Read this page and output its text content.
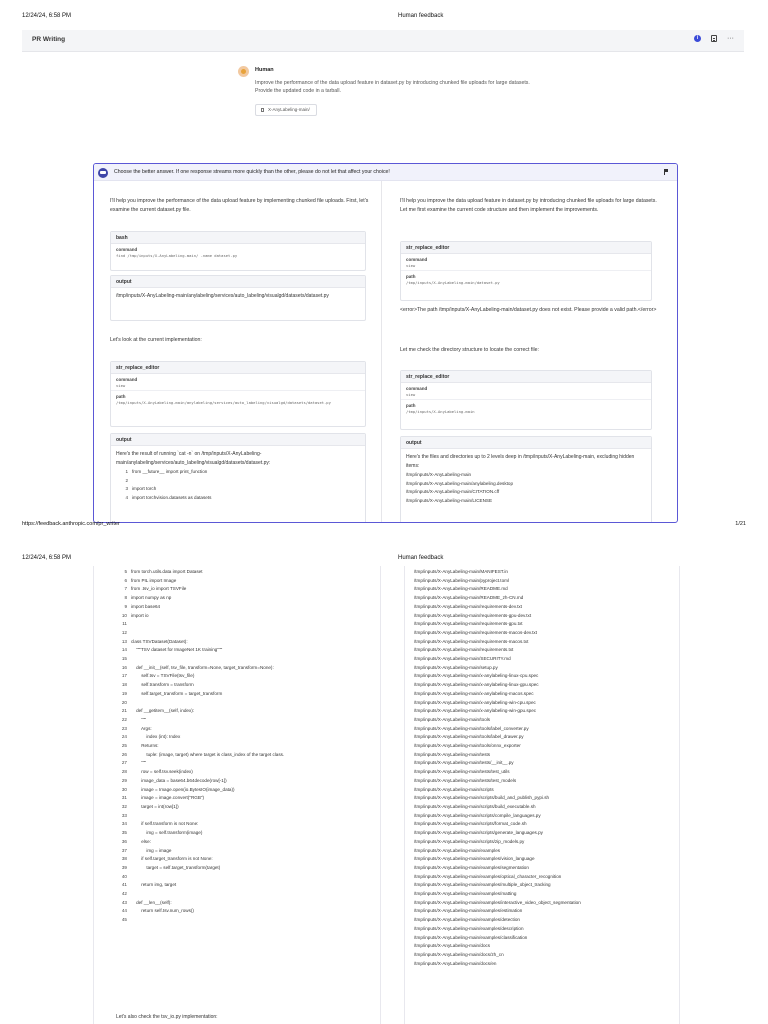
12/24/24, 6:58 PM	Human feedback
PR Writing	i	···
Human
Improve the performance of the data upload feature in dataset.py by introducing chunked file uploads for large datasets. Provide the updated code in a tarball.
X-AnyLabeling-main/
Choose the better answer. If one response streams more quickly than the other, please do not let that affect your choice!
I'll help you improve the performance of the data upload feature by implementing chunked file uploads. First, let's examine the current dataset.py file.
bash
command
find /tmp/inputs/X-AnyLabeling-main/ -name dataset.py
output
/tmp/inputs/X-AnyLabeling-main/anylabeling/services/auto_labeling/visualgd/datasets/dataset.py
Let's look at the current implementation:
str_replace_editor
command
view
path
/tmp/inputs/X-AnyLabeling-main/anylabeling/services/auto_labeling/visualgd/datasets/dataset.py
output
Here's the result of running `cat -n` on /tmp/inputs/X-AnyLabeling-main/anylabeling/services/auto_labeling/visualgd/datasets/dataset.py:
1 from __future__ import print_function
2
3 import torch
4 import torchvision.datasets as datasets
I'll help you improve the data upload feature in dataset.py by introducing chunked file uploads for large datasets. Let me first examine the current code structure and then implement the improvements.
str_replace_editor
command
view
path
/tmp/inputs/X-AnyLabeling-main/dataset.py
<error>The path /tmp/inputs/X-AnyLabeling-main/dataset.py does not exist. Please provide a valid path.</error>
Let me check the directory structure to locate the correct file:
str_replace_editor
command
view
path
/tmp/inputs/X-AnyLabeling-main
output
Here's the files and directories up to 2 levels deep in /tmp/inputs/X-AnyLabeling-main, excluding hidden items:
/tmp/inputs/X-AnyLabeling-main
/tmp/inputs/X-AnyLabeling-main/anylabeling.desktop
/tmp/inputs/X-AnyLabeling-main/CITATION.cff
/tmp/inputs/X-AnyLabeling-main/LICENSE
https://feedback.anthropic.com/pr_writer	1/21
12/24/24, 6:58 PM	Human feedback
5 from torch.utils.data import Dataset
6 from PIL import Image
7 from .tsv_io import TSVFile
8 import numpy as np
9 import base64
10 import io
11
12
13 class TSVDataset(Dataset):
14    """TSV dataset for ImageNet 1K training"""
15
16    def __init__(self, tsv_file, transform=None, target_transform=None):
17        self.tsv = TSVFile(tsv_file)
18        self.transform = transform
19        self.target_transform = target_transform
20
21    def __getitem__(self, index):
22        """
23        Args:
24            index (int): Index
25        Returns:
26            tuple: (image, target) where target is class_index of the target class.
27        """
28        row = self.tsv.seek(index)
29        image_data = base64.b64decode(row[-1])
30        image = Image.open(io.BytesIO(image_data))
31        image = image.convert("RGB")
32        target = int(row[1])
33
34        if self.transform is not None:
35            img = self.transform(image)
36        else:
37            img = image
38        if self.target_transform is not None:
39            target = self.target_transform(target)
40
41        return img, target
42
43    def __len__(self):
44        return self.tsv.num_rows()
45
Let's also check the tsv_io.py implementation:
/tmp/inputs/X-AnyLabeling-main/MANIFEST.in
/tmp/inputs/X-AnyLabeling-main/pyproject.toml
/tmp/inputs/X-AnyLabeling-main/README.md
/tmp/inputs/X-AnyLabeling-main/README_zh-CN.md
/tmp/inputs/X-AnyLabeling-main/requirements-dev.txt
/tmp/inputs/X-AnyLabeling-main/requirements-gpu-dev.txt
/tmp/inputs/X-AnyLabeling-main/requirements-gpu.txt
/tmp/inputs/X-AnyLabeling-main/requirements-macos-dev.txt
/tmp/inputs/X-AnyLabeling-main/requirements-macos.txt
/tmp/inputs/X-AnyLabeling-main/requirements.txt
/tmp/inputs/X-AnyLabeling-main/SECURITY.md
/tmp/inputs/X-AnyLabeling-main/setup.py
/tmp/inputs/X-AnyLabeling-main/x-anylabeling-linux-cpu.spec
/tmp/inputs/X-AnyLabeling-main/x-anylabeling-linux-gpu.spec
/tmp/inputs/X-AnyLabeling-main/x-anylabeling-macos.spec
/tmp/inputs/X-AnyLabeling-main/x-anylabeling-win-cpu.spec
/tmp/inputs/X-AnyLabeling-main/x-anylabeling-win-gpu.spec
/tmp/inputs/X-AnyLabeling-main/tools
/tmp/inputs/X-AnyLabeling-main/tools/label_converter.py
/tmp/inputs/X-AnyLabeling-main/tools/label_drawer.py
/tmp/inputs/X-AnyLabeling-main/tools/onnx_exporter
/tmp/inputs/X-AnyLabeling-main/tests
/tmp/inputs/X-AnyLabeling-main/tests/__init__.py
/tmp/inputs/X-AnyLabeling-main/tests/test_utils
/tmp/inputs/X-AnyLabeling-main/tests/test_models
/tmp/inputs/X-AnyLabeling-main/scripts
/tmp/inputs/X-AnyLabeling-main/scripts/build_and_publish_pypi.sh
/tmp/inputs/X-AnyLabeling-main/scripts/build_executable.sh
/tmp/inputs/X-AnyLabeling-main/scripts/compile_languages.py
/tmp/inputs/X-AnyLabeling-main/scripts/format_code.sh
/tmp/inputs/X-AnyLabeling-main/scripts/generate_languages.py
/tmp/inputs/X-AnyLabeling-main/scripts/zip_models.py
/tmp/inputs/X-AnyLabeling-main/examples
/tmp/inputs/X-AnyLabeling-main/examples/vision_language
/tmp/inputs/X-AnyLabeling-main/examples/segmentation
/tmp/inputs/X-AnyLabeling-main/examples/optical_character_recognition
/tmp/inputs/X-AnyLabeling-main/examples/multiple_object_tracking
/tmp/inputs/X-AnyLabeling-main/examples/matting
/tmp/inputs/X-AnyLabeling-main/examples/interactive_video_object_segmentation
/tmp/inputs/X-AnyLabeling-main/examples/estimation
/tmp/inputs/X-AnyLabeling-main/examples/detection
/tmp/inputs/X-AnyLabeling-main/examples/description
/tmp/inputs/X-AnyLabeling-main/examples/classification
/tmp/inputs/X-AnyLabeling-main/docs
/tmp/inputs/X-AnyLabeling-main/docs/zh_cn
/tmp/inputs/X-AnyLabeling-main/docs/en
